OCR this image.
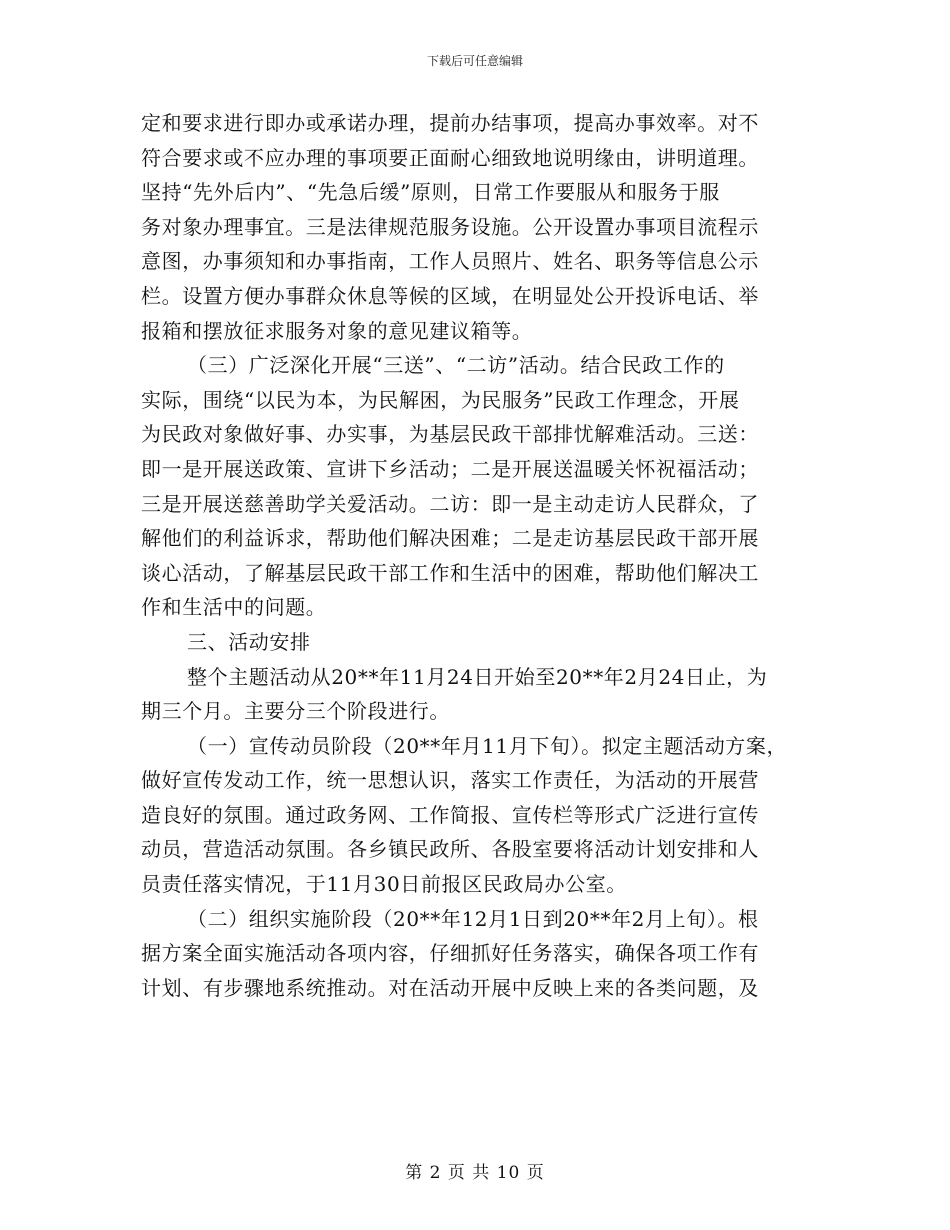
下载后可任意编辑
定和要求进行即办或承诺办理，提前办结事项，提高办事效率。对不
符合要求或不应办理的事项要正面耐心细致地说明缘由，讲明道理。
坚持“先外后内”、“先急后缓”原则，日常工作要服从和服务于服
务对象办理事宜。三是法律规范服务设施。公开设置办事项目流程示
意图，办事须知和办事指南，工作人员照片、姓名、职务等信息公示
栏。设置方便办事群众休息等候的区域，在明显处公开投诉电话、举
报箱和摆放征求服务对象的意见建议箱等。
（三）广泛深化开展“三送”、“二访”活动。结合民政工作的
实际，围绕“以民为本，为民解困，为民服务”民政工作理念，开展
为民政对象做好事、办实事，为基层民政干部排忧解难活动。三送：
即一是开展送政策、宣讲下乡活动；二是开展送温暖关怀祝福活动；
三是开展送慈善助学关爱活动。二访：即一是主动走访人民群众，了
解他们的利益诉求，帮助他们解决困难；二是走访基层民政干部开展
谈心活动，了解基层民政干部工作和生活中的困难，帮助他们解决工
作和生活中的问题。
三、活动安排
整个主题活动从20**年11月24日开始至20**年2月24日止，为
期三个月。主要分三个阶段进行。
（一）宣传动员阶段（20**年月11月下旬）。拟定主题活动方案，
做好宣传发动工作，统一思想认识，落实工作责任，为活动的开展营
造良好的氛围。通过政务网、工作简报、宣传栏等形式广泛进行宣传
动员，营造活动氛围。各乡镇民政所、各股室要将活动计划安排和人
员责任落实情况，于11月30日前报区民政局办公室。
（二）组织实施阶段（20**年12月1日到20**年2月上旬）。根
据方案全面实施活动各项内容，仔细抓好任务落实，确保各项工作有
计划、有步骤地系统推动。对在活动开展中反映上来的各类问题，及
第 2 页 共 10 页
